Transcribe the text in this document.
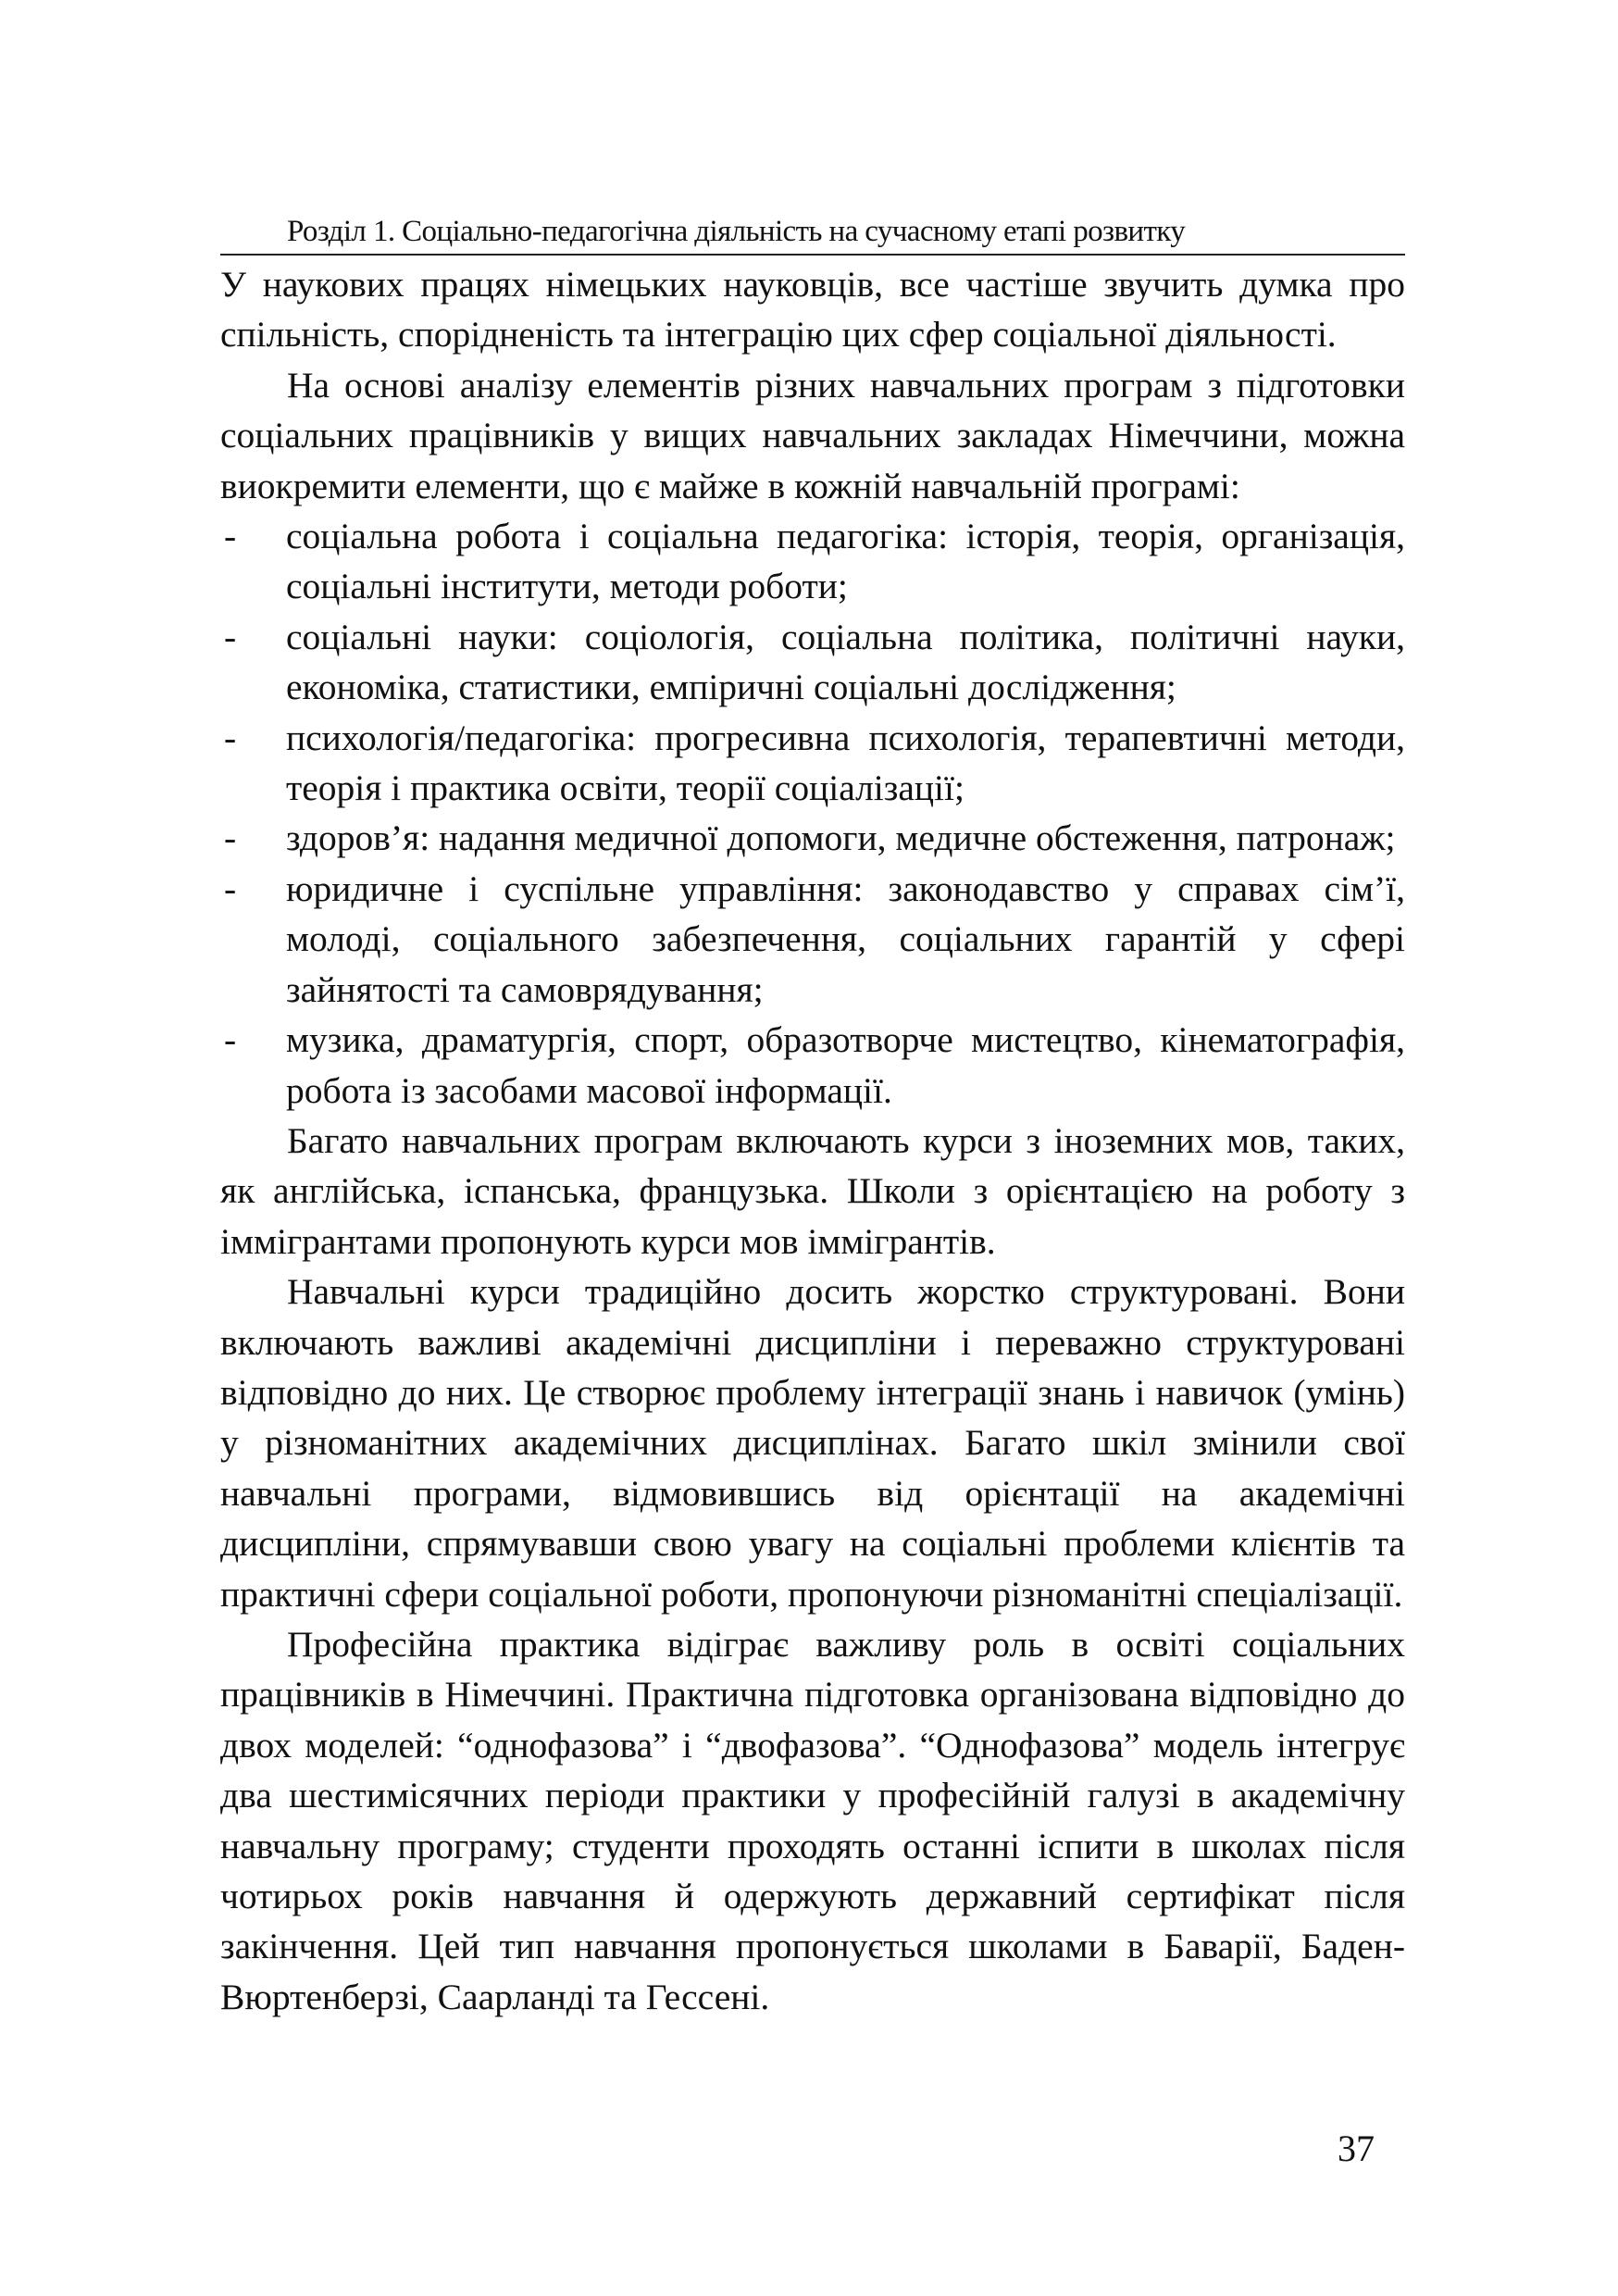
Розділ 1. Соціально-педагогічна діяльність на сучасному етапі розвитку

У наукових працях німецьких науковців, все частіше звучить думка про спільність, спорідненість та інтеграцію цих сфер соціальної діяльності.

На основі аналізу елементів різних навчальних програм з підготовки соціальних працівників у вищих навчальних закладах Німеччини, можна виокремити елементи, що є майже в кожній навчальній програмі:

- соціальна робота і соціальна педагогіка: історія, теорія, організація, соціальні інститути, методи роботи;
- соціальні науки: соціологія, соціальна політика, політичні науки, економіка, статистики, емпіричні соціальні дослідження;
- психологія/педагогіка: прогресивна психологія, терапевтичні методи, теорія і практика освіти, теорії соціалізації;
- здоров’я: надання медичної допомоги, медичне обстеження, патронаж;
- юридичне і суспільне управління: законодавство у справах сім’ї, молоді, соціального забезпечення, соціальних гарантій у сфері зайнятості та самоврядування;
- музика, драматургія, спорт, образотворче мистецтво, кінематографія, робота із засобами масової інформації.

Багато навчальних програм включають курси з іноземних мов, таких, як англійська, іспанська, французька. Школи з орієнтацією на роботу з іммігрантами пропонують курси мов іммігрантів.

Навчальні курси традиційно досить жорстко структуровані. Вони включають важливі академічні дисципліни і переважно структуровані відповідно до них. Це створює проблему інтеграції знань і навичок (умінь) у різноманітних академічних дисциплінах. Багато шкіл змінили свої навчальні програми, відмовившись від орієнтації на академічні дисципліни, спрямувавши свою увагу на соціальні проблеми клієнтів та практичні сфери соціальної роботи, пропонуючи різноманітні спеціалізації.

Професійна практика відіграє важливу роль в освіті соціальних працівників в Німеччині. Практична підготовка організована відповідно до двох моделей: “однофазова” і “двофазова”. “Однофазова” модель інтегрує два шестимісячних періоди практики у професійній галузі в академічну навчальну програму; студенти проходять останні іспити в школах після чотирьох років навчання й одержують державний сертифікат після закінчення. Цей тип навчання пропонується школами в Баварії, Баден-Вюртенберзі, Саарланді та Гессені.

37
